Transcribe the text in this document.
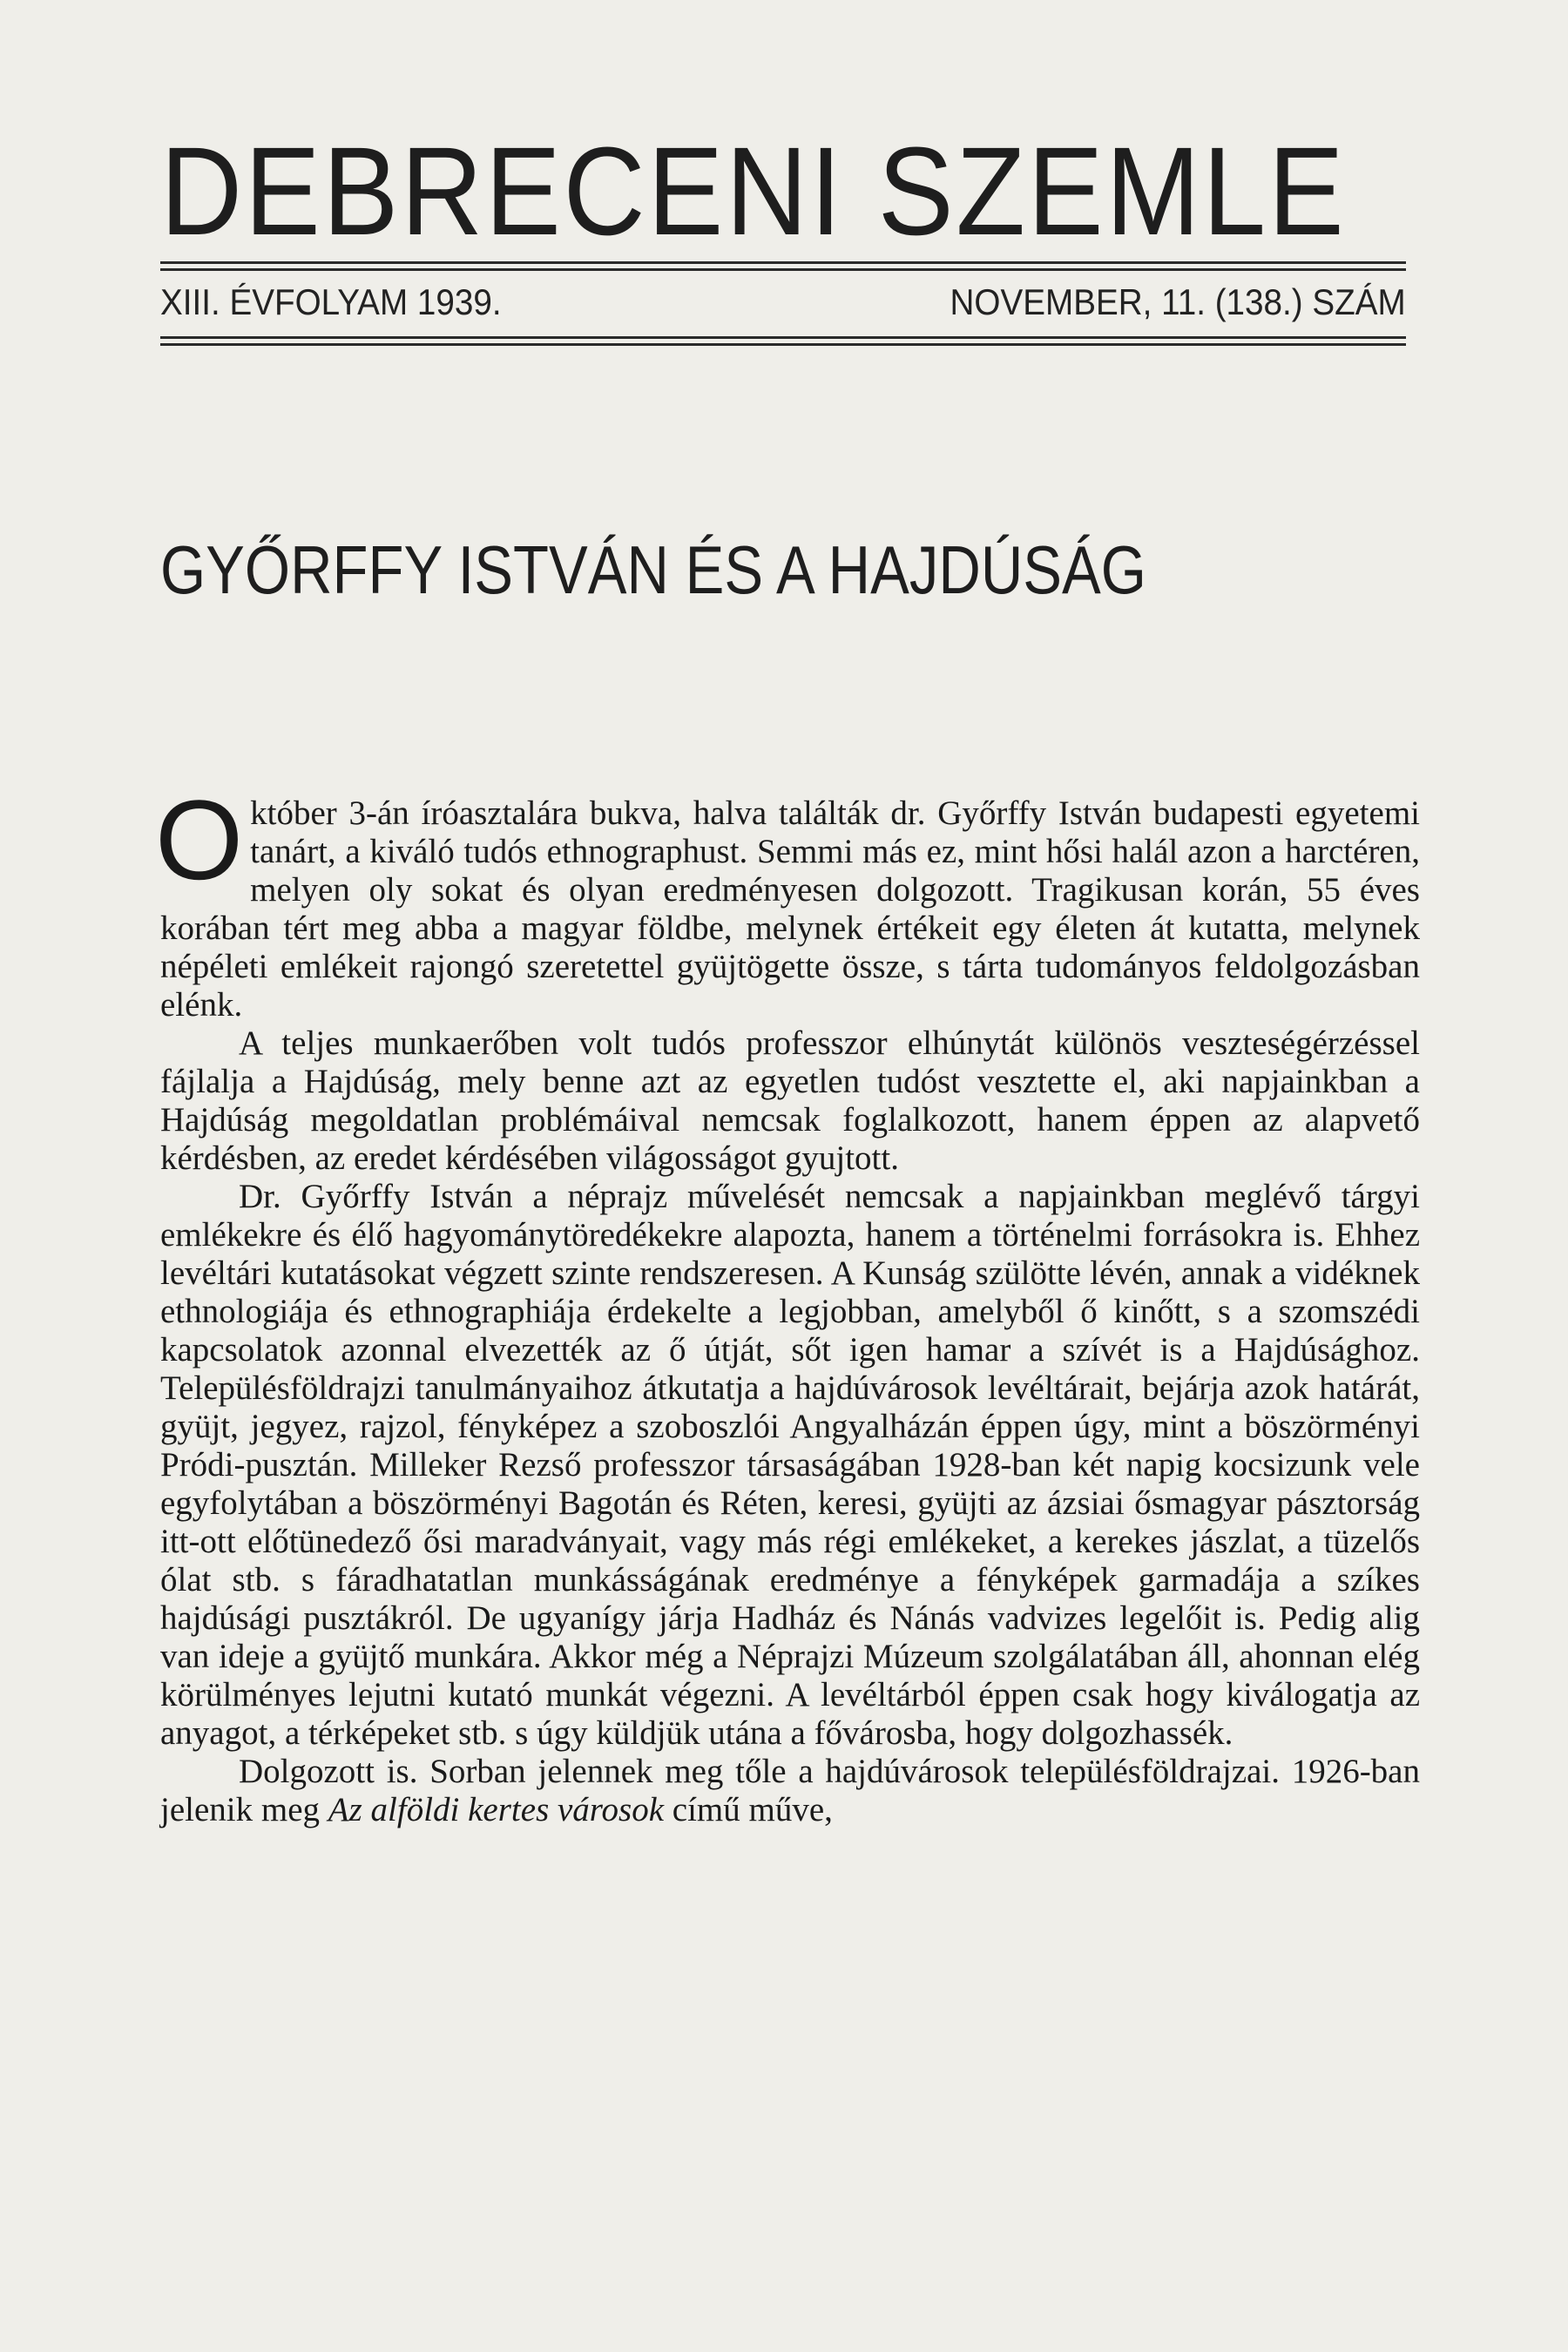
DEBRECENI SZEMLE
XIII. ÉVFOLYAM 1939.	NOVEMBER, 11. (138.) SZÁM
GYŐRFFY ISTVÁN ÉS A HAJDÚSÁG

Október 3-án íróasztalára bukva, halva találták dr. Győrffy István budapesti egyetemi tanárt, a kiváló tudós ethnographust. Semmi más ez, mint hősi halál azon a harctéren, melyen oly sokat és olyan eredményesen dolgozott. Tragikusan korán, 55 éves korában tért meg abba a magyar földbe, melynek értékeit egy életen át kutatta, melynek népéleti emlékeit rajongó szeretettel gyüjtögette össze, s tárta tudományos feldolgozásban elénk.

A teljes munkaerőben volt tudós professzor elhúnytát különös veszteségérzéssel fájlalja a Hajdúság, mely benne azt az egyetlen tudóst vesztette el, aki napjainkban a Hajdúság megoldatlan problémáival nemcsak foglalkozott, hanem éppen az alapvető kérdésben, az eredet kérdésében világosságot gyujtott.

Dr. Győrffy István a néprajz művelését nemcsak a napjainkban meglévő tárgyi emlékekre és élő hagyománytöredékekre alapozta, hanem a történelmi forrásokra is. Ehhez levéltári kutatásokat végzett szinte rendszeresen. A Kunság szülötte lévén, annak a vidéknek ethnologiája és ethnographiája érdekelte a legjobban, amelyből ő kinőtt, s a szomszédi kapcsolatok azonnal elvezették az ő útját, sőt igen hamar a szívét is a Hajdúsághoz. Településföldrajzi tanulmányaihoz átkutatja a hajdúvárosok levéltárait, bejárja azok határát, gyüjt, jegyez, rajzol, fényképez a szoboszlói Angyalházán éppen úgy, mint a böszörményi Pródi-pusztán. Milleker Rezső professzor társaságában 1928-ban két napig kocsizunk vele egyfolytában a böszörményi Bagotán és Réten, keresi, gyüjti az ázsiai ősmagyar pásztorság itt-ott előtünedező ősi maradványait, vagy más régi emlékeket, a kerekes jászlat, a tüzelős ólat stb. s fáradhatatlan munkásságának eredménye a fényképek garmadája a szíkes hajdúsági pusztákról. De ugyanígy járja Hadház és Nánás vadvizes legelőit is. Pedig alig van ideje a gyüjtő munkára. Akkor még a Néprajzi Múzeum szolgálatában áll, ahonnan elég körülményes lejutni kutató munkát végezni. A levéltárból éppen csak hogy kiválogatja az anyagot, a térképeket stb. s úgy küldjük utána a fővárosba, hogy dolgozhassék.

Dolgozott is. Sorban jelennek meg tőle a hajdúvárosok településföldrajzai. 1926-ban jelenik meg Az alföldi kertes városok című műve,
